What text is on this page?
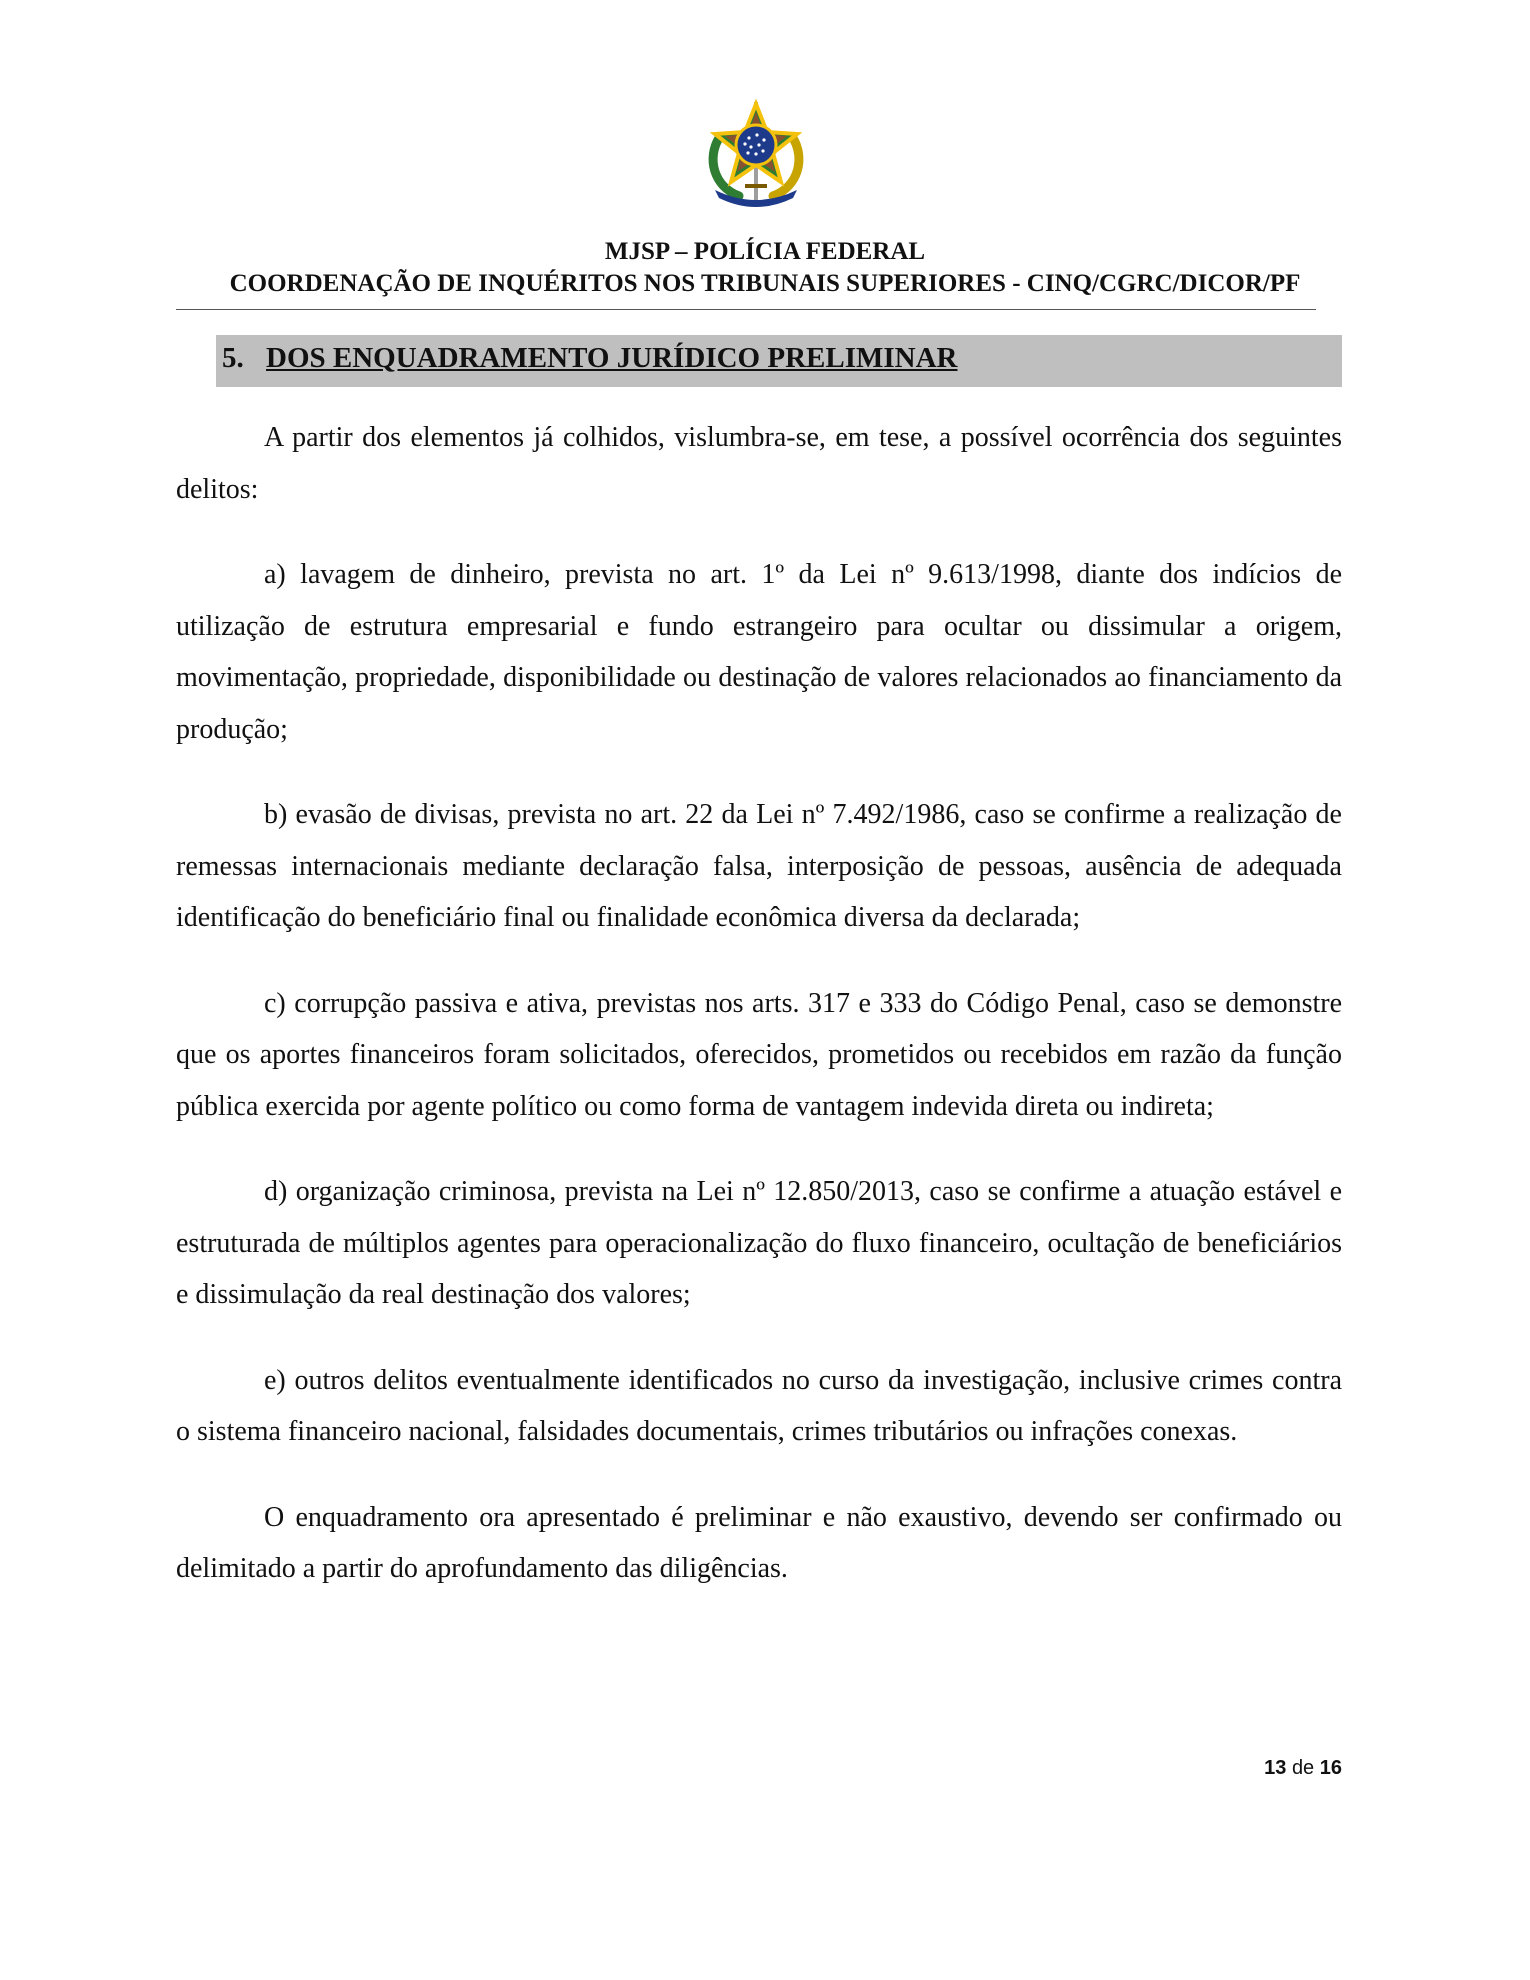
MJSP – POLÍCIA FEDERAL
COORDENAÇÃO DE INQUÉRITOS NOS TRIBUNAIS SUPERIORES - CINQ/CGRC/DICOR/PF
5. DOS ENQUADRAMENTO JURÍDICO PRELIMINAR

A partir dos elementos já colhidos, vislumbra-se, em tese, a possível ocorrência dos seguintes delitos:

a) lavagem de dinheiro, prevista no art. 1º da Lei nº 9.613/1998, diante dos indícios de utilização de estrutura empresarial e fundo estrangeiro para ocultar ou dissimular a origem, movimentação, propriedade, disponibilidade ou destinação de valores relacionados ao financiamento da produção;

b) evasão de divisas, prevista no art. 22 da Lei nº 7.492/1986, caso se confirme a realização de remessas internacionais mediante declaração falsa, interposição de pessoas, ausência de adequada identificação do beneficiário final ou finalidade econômica diversa da declarada;

c) corrupção passiva e ativa, previstas nos arts. 317 e 333 do Código Penal, caso se demonstre que os aportes financeiros foram solicitados, oferecidos, prometidos ou recebidos em razão da função pública exercida por agente político ou como forma de vantagem indevida direta ou indireta;

d) organização criminosa, prevista na Lei nº 12.850/2013, caso se confirme a atuação estável e estruturada de múltiplos agentes para operacionalização do fluxo financeiro, ocultação de beneficiários e dissimulação da real destinação dos valores;

e) outros delitos eventualmente identificados no curso da investigação, inclusive crimes contra o sistema financeiro nacional, falsidades documentais, crimes tributários ou infrações conexas.

O enquadramento ora apresentado é preliminar e não exaustivo, devendo ser confirmado ou delimitado a partir do aprofundamento das diligências.

13 de 16
